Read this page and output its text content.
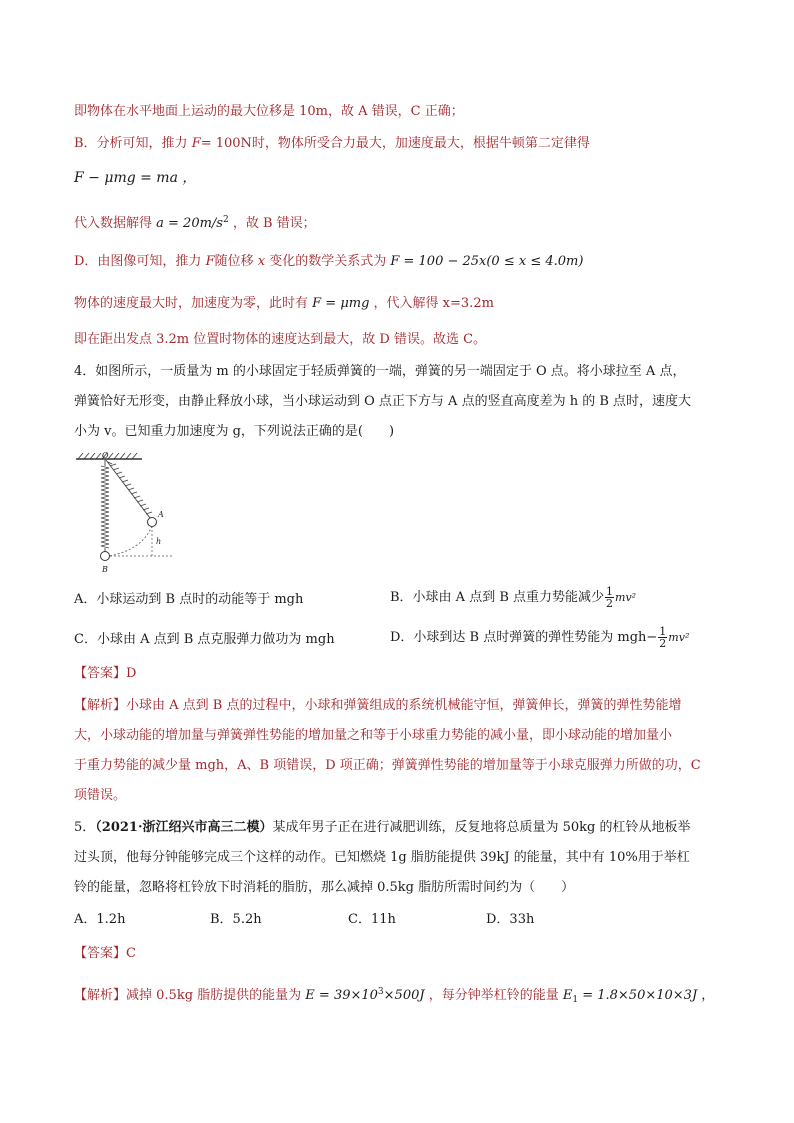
即物体在水平地面上运动的最大位移是 10m，故 A 错误，C 正确；
B．分析可知，推力 F= 100N时，物体所受合力最大，加速度最大，根据牛顿第二定律得
F − μmg = ma ，
代入数据解得 $a = 20m/s^2$ ，故 B 错误；
D．由图像可知，推力 F随位移 x 变化的数学关系式为 F = 100 − 25x(0 ≤ x ≤ 4.0m)
物体的速度最大时，加速度为零，此时有 F = μmg ，代入解得 x=3.2m
即在距出发点 3.2m 位置时物体的速度达到最大，故 D 错误。故选 C。
4．如图所示，一质量为 m 的小球固定于轻质弹簧的一端，弹簧的另一端固定于 O 点。将小球拉至 A 点，
弹簧恰好无形变，由静止释放小球，当小球运动到 O 点正下方与 A 点的竖直高度差为 h 的 B 点时，速度大
小为 v。已知重力加速度为 g，下列说法正确的是(　　)
O
A
B
h
A．小球运动到 B 点时的动能等于 mgh	B．小球由 A 点到 B 点重力势能减少 $\frac{1}{2} mv^2$
C．小球由 A 点到 B 点克服弹力做功为 mgh	D．小球到达 B 点时弹簧的弹性势能为 $mgh- \frac{1}{2} mv^2$
【答案】D
【解析】小球由 A 点到 B 点的过程中，小球和弹簧组成的系统机械能守恒，弹簧伸长，弹簧的弹性势能增
大，小球动能的增加量与弹簧弹性势能的增加量之和等于小球重力势能的减小量，即小球动能的增加量小
于重力势能的减少量 mgh，A、B 项错误，D 项正确；弹簧弹性势能的增加量等于小球克服弹力所做的功，C
项错误。
5．（2021·浙江绍兴市高三二模）某成年男子正在进行减肥训练，反复地将总质量为 50kg 的杠铃从地板举
过头顶，他每分钟能够完成三个这样的动作。已知燃烧 1g 脂肪能提供 39kJ 的能量，其中有 10%用于举杠
铃的能量，忽略将杠铃放下时消耗的脂肪，那么减掉 0.5kg 脂肪所需时间约为（　　）
A．1.2h	B．5.2h	C．11h	D．33h
【答案】C
【解析】减掉 0.5kg 脂肪提供的能量为 $E = 39\times 10^3\times 500J$ ，每分钟举杠铃的能量 $E_1 = 1.8\times 50\times 10\times 3J$ ，
